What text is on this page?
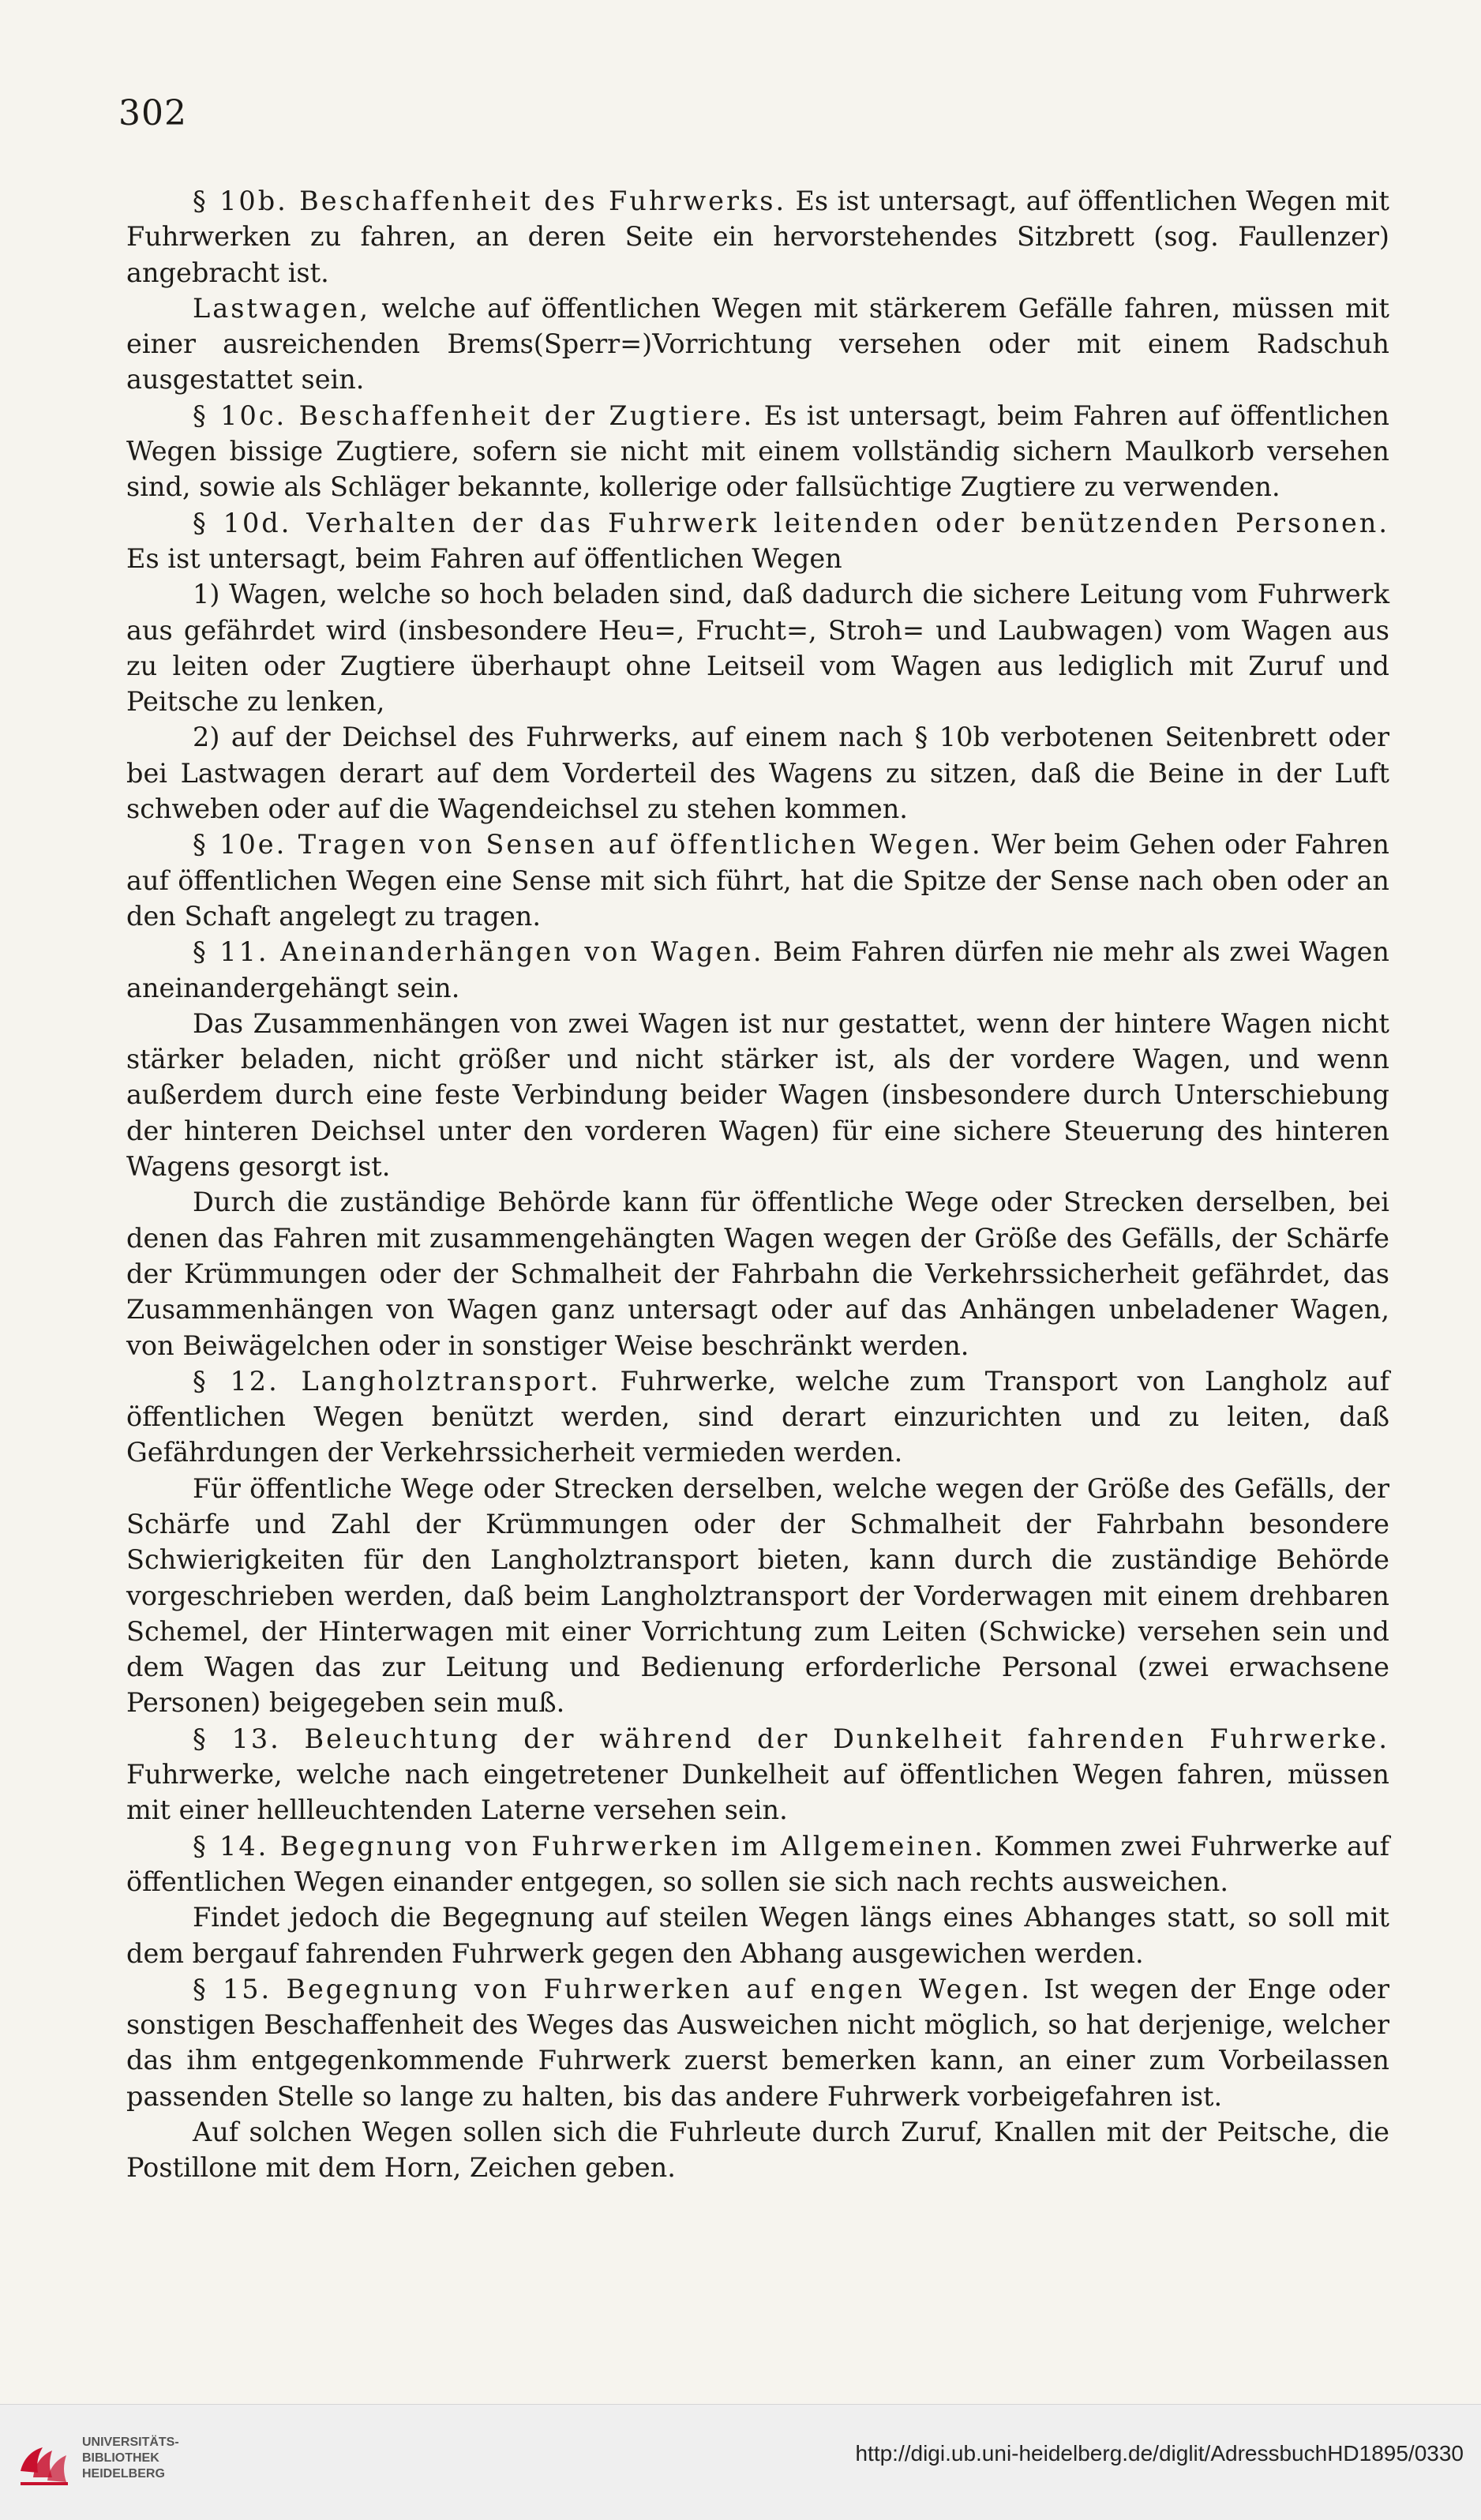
302

§ 10b. Beschaffenheit des Fuhrwerks. Es ist untersagt, auf öffentlichen Wegen mit Fuhrwerken zu fahren, an deren Seite ein hervorstehendes Sitzbrett (sog. Faullenzer) angebracht ist.

Lastwagen, welche auf öffentlichen Wegen mit stärkerem Gefälle fahren, müssen mit einer ausreichenden Brems(Sperr=)Vorrichtung versehen oder mit einem Radschuh ausgestattet sein.

§ 10c. Beschaffenheit der Zugtiere. Es ist untersagt, beim Fahren auf öffentlichen Wegen bissige Zugtiere, sofern sie nicht mit einem vollständig sichern Maulkorb versehen sind, sowie als Schläger bekannte, kollerige oder fallsüchtige Zugtiere zu verwenden.

§ 10d. Verhalten der das Fuhrwerk leitenden oder benützenden Personen. Es ist untersagt, beim Fahren auf öffentlichen Wegen

1) Wagen, welche so hoch beladen sind, daß dadurch die sichere Leitung vom Fuhrwerk aus gefährdet wird (insbesondere Heu=, Frucht=, Stroh= und Laubwagen) vom Wagen aus zu leiten oder Zugtiere überhaupt ohne Leitseil vom Wagen aus lediglich mit Zuruf und Peitsche zu lenken,

2) auf der Deichsel des Fuhrwerks, auf einem nach § 10b verbotenen Seitenbrett oder bei Lastwagen derart auf dem Vorderteil des Wagens zu sitzen, daß die Beine in der Luft schweben oder auf die Wagendeichsel zu stehen kommen.

§ 10e. Tragen von Sensen auf öffentlichen Wegen. Wer beim Gehen oder Fahren auf öffentlichen Wegen eine Sense mit sich führt, hat die Spitze der Sense nach oben oder an den Schaft angelegt zu tragen.

§ 11. Aneinanderhängen von Wagen. Beim Fahren dürfen nie mehr als zwei Wagen aneinandergehängt sein.

Das Zusammenhängen von zwei Wagen ist nur gestattet, wenn der hintere Wagen nicht stärker beladen, nicht größer und nicht stärker ist, als der vordere Wagen, und wenn außerdem durch eine feste Verbindung beider Wagen (insbesondere durch Unterschiebung der hinteren Deichsel unter den vorderen Wagen) für eine sichere Steuerung des hinteren Wagens gesorgt ist.

Durch die zuständige Behörde kann für öffentliche Wege oder Strecken derselben, bei denen das Fahren mit zusammengehängten Wagen wegen der Größe des Gefälls, der Schärfe der Krümmungen oder der Schmalheit der Fahrbahn die Verkehrssicherheit gefährdet, das Zusammenhängen von Wagen ganz untersagt oder auf das Anhängen unbeladener Wagen, von Beiwägelchen oder in sonstiger Weise beschränkt werden.

§ 12. Langholztransport. Fuhrwerke, welche zum Transport von Langholz auf öffentlichen Wegen benützt werden, sind derart einzurichten und zu leiten, daß Gefährdungen der Verkehrssicherheit vermieden werden.

Für öffentliche Wege oder Strecken derselben, welche wegen der Größe des Gefälls, der Schärfe und Zahl der Krümmungen oder der Schmalheit der Fahrbahn besondere Schwierigkeiten für den Langholztransport bieten, kann durch die zuständige Behörde vorgeschrieben werden, daß beim Langholztransport der Vorderwagen mit einem drehbaren Schemel, der Hinterwagen mit einer Vorrichtung zum Leiten (Schwicke) versehen sein und dem Wagen das zur Leitung und Bedienung erforderliche Personal (zwei erwachsene Personen) beigegeben sein muß.

§ 13. Beleuchtung der während der Dunkelheit fahrenden Fuhrwerke. Fuhrwerke, welche nach eingetretener Dunkelheit auf öffentlichen Wegen fahren, müssen mit einer hellleuchtenden Laterne versehen sein.

§ 14. Begegnung von Fuhrwerken im Allgemeinen. Kommen zwei Fuhrwerke auf öffentlichen Wegen einander entgegen, so sollen sie sich nach rechts ausweichen.

Findet jedoch die Begegnung auf steilen Wegen längs eines Abhanges statt, so soll mit dem bergauf fahrenden Fuhrwerk gegen den Abhang ausgewichen werden.

§ 15. Begegnung von Fuhrwerken auf engen Wegen. Ist wegen der Enge oder sonstigen Beschaffenheit des Weges das Ausweichen nicht möglich, so hat derjenige, welcher das ihm entgegenkommende Fuhrwerk zuerst bemerken kann, an einer zum Vorbeilassen passenden Stelle so lange zu halten, bis das andere Fuhrwerk vorbeigefahren ist.

Auf solchen Wegen sollen sich die Fuhrleute durch Zuruf, Knallen mit der Peitsche, die Postillone mit dem Horn, Zeichen geben.

UNIVERSITÄTS-
BIBLIOTHEK
HEIDELBERG
http://digi.ub.uni-heidelberg.de/diglit/AdressbuchHD1895/0330
